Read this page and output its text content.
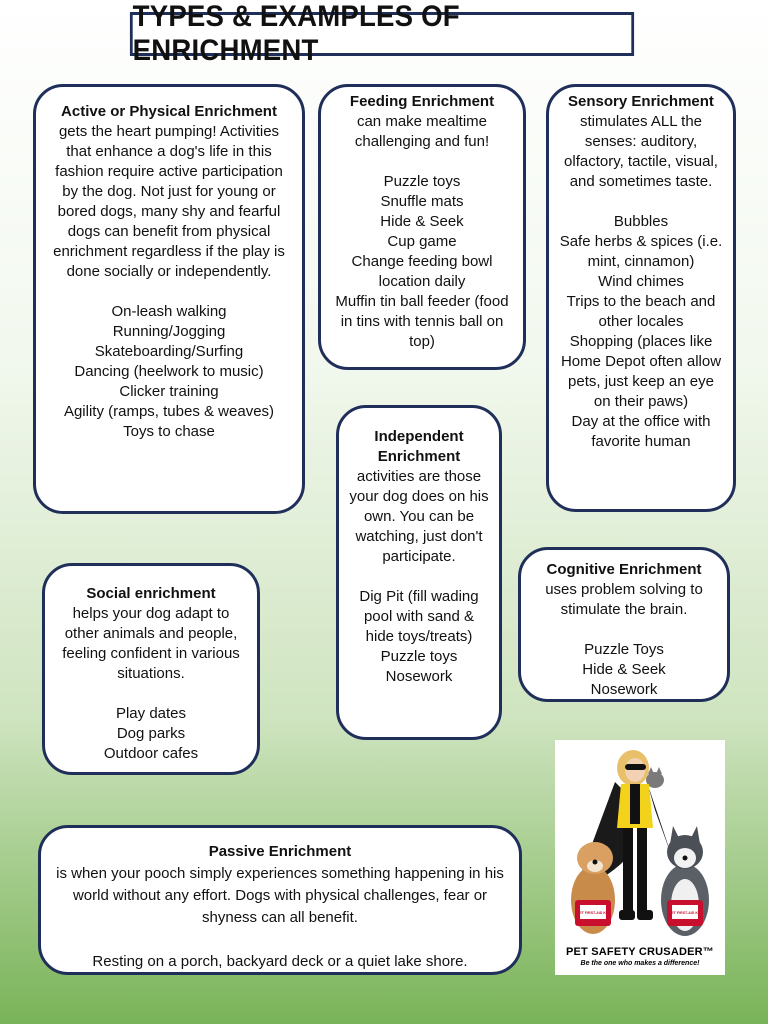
TYPES & EXAMPLES OF ENRICHMENT

Active or Physical Enrichment gets the heart pumping! Activities that enhance a dog's life in this fashion require active participation by the dog. Not just for young or bored dogs, many shy and fearful dogs can benefit from physical enrichment regardless if the play is done socially or independently.

On-leash walking
Running/Jogging
Skateboarding/Surfing
Dancing (heelwork to music)
Clicker training
Agility (ramps, tubes & weaves)
Toys to chase

Feeding Enrichment

can make mealtime challenging and fun!

Puzzle toys
Snuffle mats
Hide & Seek
Cup game
Change feeding bowl location daily
Muffin tin ball feeder (food in tins with tennis ball on top)

Sensory Enrichment

stimulates ALL the senses: auditory, olfactory, tactile, visual, and sometimes taste.

Bubbles
Safe herbs & spices (i.e. mint, cinnamon)
Wind chimes
Trips to the beach and other locales
Shopping (places like Home Depot often allow pets, just keep an eye on their paws)
Day at the office with favorite human

Independent Enrichment

activities are those your dog does on his own. You can be watching, just don't participate.

Dig Pit (fill wading pool with sand & hide toys/treats)
Puzzle toys
Nosework

Cognitive Enrichment

uses problem solving to stimulate the brain.

Puzzle Toys
Hide & Seek
Nosework

Social enrichment

helps your dog adapt to other animals and people, feeling confident in various situations.

Play dates
Dog parks
Outdoor cafes

Passive Enrichment

is when your pooch simply experiences something happening in his world without any effort. Dogs with physical challenges, fear or shyness can all benefit.

Resting on a porch, backyard deck or a quiet lake shore.
PET FIRST-AID KIT	PET FIRST-AID KIT
PET SAFETY CRUSADER™
Be the one who makes a difference!
